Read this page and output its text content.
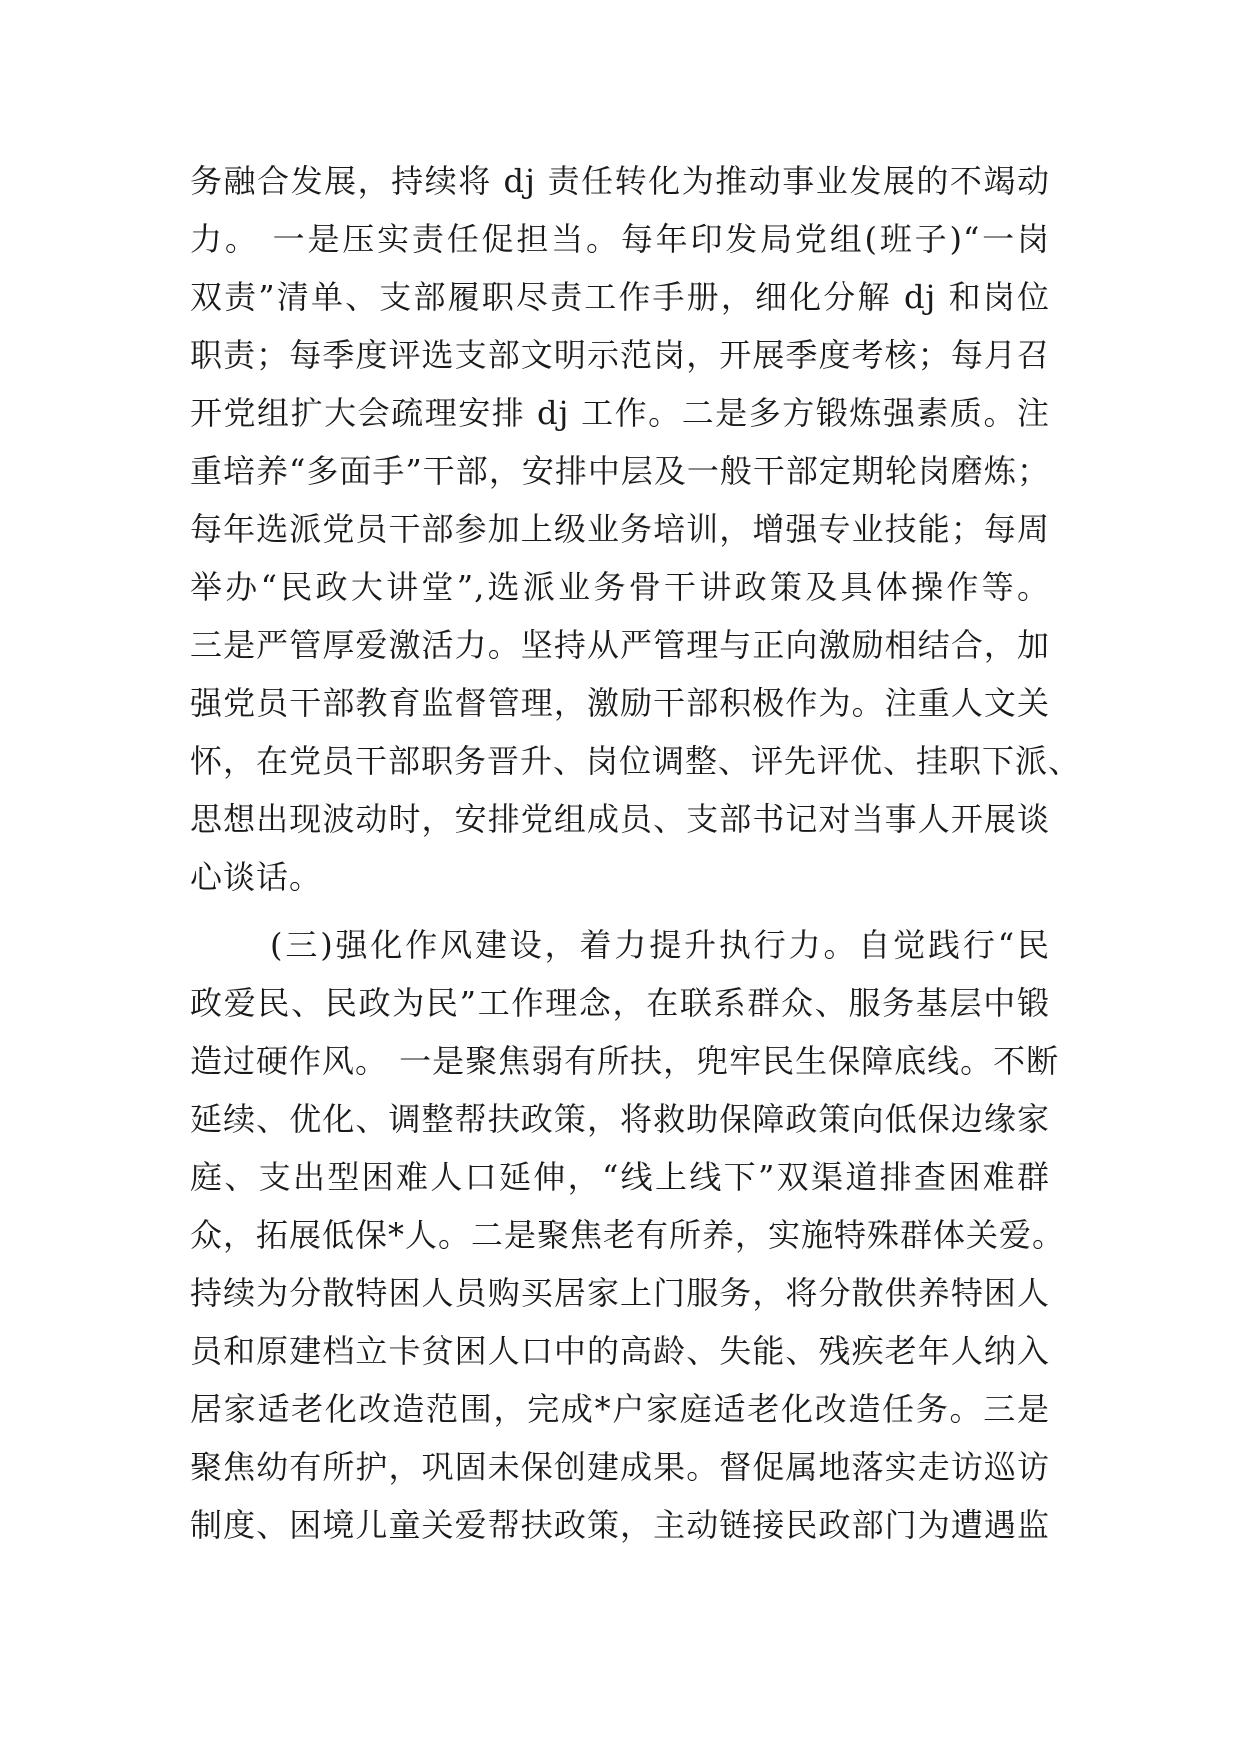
务融合发展，持续将 dj 责任转化为推动事业发展的不竭动
力。 一是压实责任促担当。每年印发局党组(班子)“一岗
双责”清单、支部履职尽责工作手册，细化分解 dj 和岗位
职责；每季度评选支部文明示范岗，开展季度考核；每月召
开党组扩大会疏理安排 dj 工作。二是多方锻炼强素质。注
重培养“多面手”干部，安排中层及一般干部定期轮岗磨炼；
每年选派党员干部参加上级业务培训，增强专业技能；每周
举办“民政大讲堂”,选派业务骨干讲政策及具体操作等。
三是严管厚爱激活力。坚持从严管理与正向激励相结合，加
强党员干部教育监督管理，激励干部积极作为。注重人文关
怀，在党员干部职务晋升、岗位调整、评先评优、挂职下派、
思想出现波动时，安排党组成员、支部书记对当事人开展谈
心谈话。
(三)强化作风建设，着力提升执行力。自觉践行“民
政爱民、民政为民”工作理念，在联系群众、服务基层中锻
造过硬作风。 一是聚焦弱有所扶，兜牢民生保障底线。不断
延续、优化、调整帮扶政策，将救助保障政策向低保边缘家
庭、支出型困难人口延伸，“线上线下”双渠道排查困难群
众，拓展低保*人。二是聚焦老有所养，实施特殊群体关爱。
持续为分散特困人员购买居家上门服务，将分散供养特困人
员和原建档立卡贫困人口中的高龄、失能、残疾老年人纳入
居家适老化改造范围，完成*户家庭适老化改造任务。三是
聚焦幼有所护，巩固未保创建成果。督促属地落实走访巡访
制度、困境儿童关爱帮扶政策，主动链接民政部门为遭遇监
